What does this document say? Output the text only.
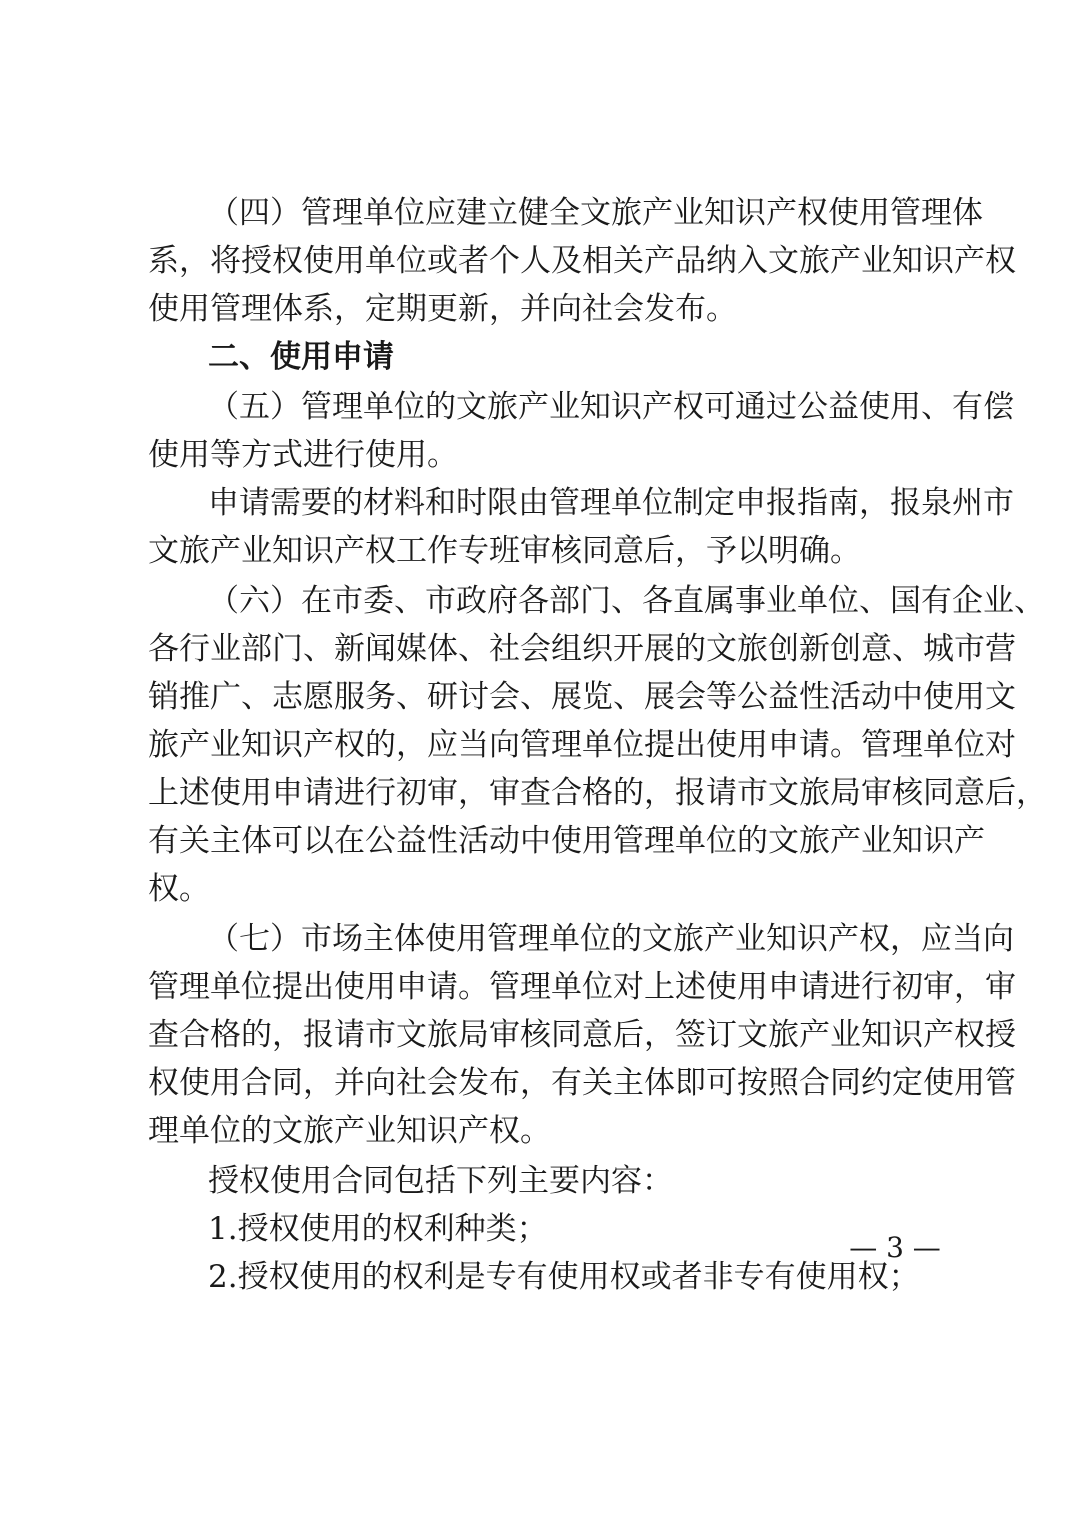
（四）管理单位应建立健全文旅产业知识产权使用管理体
系，将授权使用单位或者个人及相关产品纳入文旅产业知识产权
使用管理体系，定期更新，并向社会发布。
二、使用申请
（五）管理单位的文旅产业知识产权可通过公益使用、有偿
使用等方式进行使用。
申请需要的材料和时限由管理单位制定申报指南，报泉州市
文旅产业知识产权工作专班审核同意后，予以明确。
（六）在市委、市政府各部门、各直属事业单位、国有企业、
各行业部门、新闻媒体、社会组织开展的文旅创新创意、城市营
销推广、志愿服务、研讨会、展览、展会等公益性活动中使用文
旅产业知识产权的，应当向管理单位提出使用申请。管理单位对
上述使用申请进行初审，审查合格的，报请市文旅局审核同意后，
有关主体可以在公益性活动中使用管理单位的文旅产业知识产
权。
（七）市场主体使用管理单位的文旅产业知识产权，应当向
管理单位提出使用申请。管理单位对上述使用申请进行初审，审
查合格的，报请市文旅局审核同意后，签订文旅产业知识产权授
权使用合同，并向社会发布，有关主体即可按照合同约定使用管
理单位的文旅产业知识产权。
授权使用合同包括下列主要内容：
1.授权使用的权利种类；
2.授权使用的权利是专有使用权或者非专有使用权；
— 3 —
